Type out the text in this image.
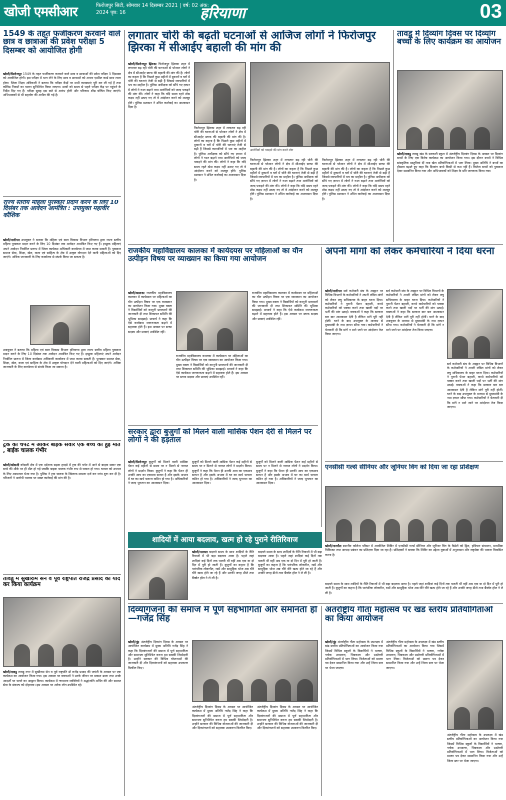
खोजी एमसीआर	फिरोजपुर सिटी, सोमवार 14 दिसम्बर 2021 | वर्ष: 02 अंक: 2024 पृष्ठ: 16	हरियाणा	03
1549 के तहत फर्जीकरण करवाने वाले छात्र व छात्राओं की प्रवेश परीक्षा 5 दिसम्बर को आयोजित होगी
खोजी/फिरोजपुर 1549 के तहत फर्जीकरण करवाने वाले छात्र व छात्राओं की प्रवेश परीक्षा 5 दिसम्बर को आयोजित होगी। इस परीक्षा में भाग लेने के लिए छात्र व छात्राओं को अपना एडमिट कार्ड साथ लाना होगा। जिला शिक्षा अधिकारी ने बताया कि परीक्षा केंद्रों पर सभी व्यवस्थाएं पूरी कर ली गई हैं तथा कोविड नियमों का पालन सुनिश्चित किया जाएगा। छात्रों को समय से पहले परीक्षा केंद्र पर पहुंचने के निर्देश दिए गए हैं। परीक्षा सुबह दस बजे से आरंभ होगी और परिणाम शीघ्र घोषित किए जाएंगे। अभिभावकों से भी सहयोग की अपील की गई है।
राज्य स्तरीय महिला पुरस्कार प्रदान करने के लिए 10 दिसंबर तक आवेदन आमंत्रित : उपायुक्त महावीर कौशिक
खोजी/पानीपत उपायुक्त ने बताया कि महिला एवं बाल विकास विभाग हरियाणा द्वारा राज्य स्तरीय महिला पुरस्कार प्रदान करने के लिए 10 दिसंबर तक आवेदन आमंत्रित किए गए हैं। इच्छुक महिलाएं अपने आवेदन निर्धारित प्रारूप में जिला कार्यक्रम अधिकारी कार्यालय में जमा करवा सकती हैं। पुरस्कार समाज सेवा, शिक्षा, खेल, कला एवं साहित्य के क्षेत्र में उत्कृष्ट योगदान देने वाली महिलाओं को दिए जाएंगे। अधिक जानकारी के लिए कार्यालय से संपर्क किया जा सकता है।
उपायुक्त ने बताया कि महिला एवं बाल विकास विभाग हरियाणा द्वारा राज्य स्तरीय महिला पुरस्कार प्रदान करने के लिए 10 दिसंबर तक आवेदन आमंत्रित किए गए हैं। इच्छुक महिलाएं अपने आवेदन निर्धारित प्रारूप में जिला कार्यक्रम अधिकारी कार्यालय में जमा करवा सकती हैं। पुरस्कार समाज सेवा, शिक्षा, खेल, कला एवं साहित्य के क्षेत्र में उत्कृष्ट योगदान देने वाली महिलाओं को दिए जाएंगे। अधिक जानकारी के लिए कार्यालय से संपर्क किया जा सकता है।
ट्रक की चपेट में आकर बाइक सवार एक बच्चे की हुई मौत , बाईक चालक गंभीर
खोजी/कोसली कोसली क्षेत्र में एक दर्दनाक सड़क हादसे में ट्रक की चपेट में आने से बाइक सवार एक बच्चे की मौके पर ही मौत हो गई जबकि बाइक चालक गंभीर रूप से घायल हो गया। घायल को उपचार के लिए अस्पताल भेजा गया है। पुलिस ने ट्रक चालक के खिलाफ मामला दर्ज कर जांच शुरू कर दी है। परिजनों ने आरोपी चालक पर सख्त कार्रवाई की मांग की है।
तावडू में सुखीराम सेन व पूर्व राष्ट्रपति राजेंद्र प्रसाद को याद कर किया कार्यक्रम
खोजी/तावडू तावडू नगर में सुखीराम सेन व पूर्व राष्ट्रपति डॉ राजेंद्र प्रसाद की जयंती के अवसर पर एक कार्यक्रम का आयोजन किया गया। इस अवसर पर वक्ताओं ने उनके जीवन पर प्रकाश डाला तथा उनके आदर्शों पर चलने का आह्वान किया। कार्यक्रम में गणमान्य व्यक्तियों ने श्रद्धांजलि अर्पित की और समाज सेवा के संकल्प को दोहराया। इस अवसर पर अनेक लोग उपस्थित रहे।
लगातार चोरी की बढ़ती घटनाओं से आजिज लोगों ने फिरोजपुर झिरका में सीआईए बहाली की मांग की
खोजी/फिरोजपुर झिरका फिरोजपुर झिरका शहर में लगातार बढ़ रही चोरी की घटनाओं से परेशान लोगों ने क्षेत्र में सीआईए स्टाफ की बहाली की मांग की है। लोगों का कहना है कि पिछले कुछ महीनों में दुकानों व घरों में चोरी की घटनाएं तेजी से बढ़ी हैं जिससे व्यापारियों में भय का माहौल है। पुलिस अधीक्षक को सौंपे गए ज्ञापन में लोगों ने गश्त बढ़ाने तथा आरोपियों को जल्द पकड़ने की मांग की। लोगों ने कहा कि यदि समय रहते ठोस कदम नहीं उठाए गए तो वे आंदोलन करने को मजबूर होंगे। पुलिस प्रशासन ने उचित कार्रवाई का आश्वासन दिया है।
फिरोजपुर झिरका शहर में लगातार बढ़ रही चोरी की घटनाओं से परेशान लोगों ने क्षेत्र में सीआईए स्टाफ की बहाली की मांग की है। लोगों का कहना है कि पिछले कुछ महीनों में दुकानों व घरों में चोरी की घटनाएं तेजी से बढ़ी हैं जिससे व्यापारियों में भय का माहौल है। पुलिस अधीक्षक को सौंपे गए ज्ञापन में लोगों ने गश्त बढ़ाने तथा आरोपियों को जल्द पकड़ने की मांग की। लोगों ने कहा कि यदि समय रहते ठोस कदम नहीं उठाए गए तो वे आंदोलन करने को मजबूर होंगे। पुलिस प्रशासन ने उचित कार्रवाई का आश्वासन दिया है।
आरोपियों को पकड़ने की मांग करते लोग
फिरोजपुर झिरका शहर में लगातार बढ़ रही चोरी की घटनाओं से परेशान लोगों ने क्षेत्र में सीआईए स्टाफ की बहाली की मांग की है। लोगों का कहना है कि पिछले कुछ महीनों में दुकानों व घरों में चोरी की घटनाएं तेजी से बढ़ी हैं जिससे व्यापारियों में भय का माहौल है। पुलिस अधीक्षक को सौंपे गए ज्ञापन में लोगों ने गश्त बढ़ाने तथा आरोपियों को जल्द पकड़ने की मांग की। लोगों ने कहा कि यदि समय रहते ठोस कदम नहीं उठाए गए तो वे आंदोलन करने को मजबूर होंगे। पुलिस प्रशासन ने उचित कार्रवाई का आश्वासन दिया है।
फिरोजपुर झिरका शहर में लगातार बढ़ रही चोरी की घटनाओं से परेशान लोगों ने क्षेत्र में सीआईए स्टाफ की बहाली की मांग की है। लोगों का कहना है कि पिछले कुछ महीनों में दुकानों व घरों में चोरी की घटनाएं तेजी से बढ़ी हैं जिससे व्यापारियों में भय का माहौल है। पुलिस अधीक्षक को सौंपे गए ज्ञापन में लोगों ने गश्त बढ़ाने तथा आरोपियों को जल्द पकड़ने की मांग की। लोगों ने कहा कि यदि समय रहते ठोस कदम नहीं उठाए गए तो वे आंदोलन करने को मजबूर होंगे। पुलिस प्रशासन ने उचित कार्रवाई का आश्वासन दिया है।
तावडू में दिव्यांग दिवस पर दिव्यांग बच्चों के लिए कार्यक्रम का आयोजन
खोजी/तावडू तावडू खंड के सरकारी स्कूल में अंतर्राष्ट्रीय दिव्यांग दिवस के अवसर पर दिव्यांग बच्चों के लिए एक विशेष कार्यक्रम का आयोजन किया गया। इस दौरान बच्चों ने विभिन्न सांस्कृतिक प्रस्तुतियां दीं तथा खेल प्रतियोगिताओं में भाग लिया। मुख्य अतिथि ने बच्चों का हौसला बढ़ाते हुए कहा कि दिव्यांग बच्चे किसी से कम नहीं हैं। विजेता बच्चों को पुरस्कार देकर सम्मानित किया गया और अभिभावकों को शिक्षा के प्रति जागरूक किया गया।
राजकीय महाविद्यालय कालका में कार्यदयस पर महिलाओं का यौन उत्पीड़न विषय पर व्याख्यान का किया गया आयोजन
खोजी/कालका राजकीय महाविद्यालय कालका में कार्यस्थल पर महिलाओं का यौन उत्पीड़न विषय पर एक व्याख्यान का आयोजन किया गया। मुख्य वक्ता ने विद्यार्थियों को कानूनी प्रावधानों की जानकारी दी तथा शिकायत समिति की भूमिका समझाई। प्राचार्य ने कहा कि ऐसे कार्यक्रम जागरूकता बढ़ाने में सहायक होते हैं। इस अवसर पर स्टाफ सदस्य और छात्राएं उपस्थित रहीं।
राजकीय महाविद्यालय कालका में कार्यस्थल पर महिलाओं का यौन उत्पीड़न विषय पर एक व्याख्यान का आयोजन किया गया। मुख्य वक्ता ने विद्यार्थियों को कानूनी प्रावधानों की जानकारी दी तथा शिकायत समिति की भूमिका समझाई। प्राचार्य ने कहा कि ऐसे कार्यक्रम जागरूकता बढ़ाने में सहायक होते हैं। इस अवसर पर स्टाफ सदस्य और छात्राएं उपस्थित रहीं।
राजकीय महाविद्यालय कालका में कार्यस्थल पर महिलाओं का यौन उत्पीड़न विषय पर एक व्याख्यान का आयोजन किया गया। मुख्य वक्ता ने विद्यार्थियों को कानूनी प्रावधानों की जानकारी दी तथा शिकायत समिति की भूमिका समझाई। प्राचार्य ने कहा कि ऐसे कार्यक्रम जागरूकता बढ़ाने में सहायक होते हैं। इस अवसर पर स्टाफ सदस्य और छात्राएं उपस्थित रहीं।
अपनी मांगों को लेकर कर्मचारियों ने दिया धरना
खोजी/पानीपत सर्व कर्मचारी संघ के आह्वान पर विभिन्न विभागों के कर्मचारियों ने अपनी लंबित मांगों को लेकर लघु सचिवालय के बाहर धरना दिया। कर्मचारियों ने पुरानी पेंशन बहाली, कच्चे कर्मचारियों को पक्का करने तथा खाली पदों पर भर्ती की मांग उठाई। वक्ताओं ने कहा कि सरकार बार बार आश्वासन देती है लेकिन मांगें पूरी नहीं होतीं। धरने के बाद उपायुक्त के माध्यम से मुख्यमंत्री के नाम ज्ञापन सौंपा गया। कर्मचारियों ने चेतावनी दी कि मांगें न माने जाने पर आंदोलन तेज किया जाएगा।
सर्व कर्मचारी संघ के आह्वान पर विभिन्न विभागों के कर्मचारियों ने अपनी लंबित मांगों को लेकर लघु सचिवालय के बाहर धरना दिया। कर्मचारियों ने पुरानी पेंशन बहाली, कच्चे कर्मचारियों को पक्का करने तथा खाली पदों पर भर्ती की मांग उठाई। वक्ताओं ने कहा कि सरकार बार बार आश्वासन देती है लेकिन मांगें पूरी नहीं होतीं। धरने के बाद उपायुक्त के माध्यम से मुख्यमंत्री के नाम ज्ञापन सौंपा गया। कर्मचारियों ने चेतावनी दी कि मांगें न माने जाने पर आंदोलन तेज किया जाएगा।
सर्व कर्मचारी संघ के आह्वान पर विभिन्न विभागों के कर्मचारियों ने अपनी लंबित मांगों को लेकर लघु सचिवालय के बाहर धरना दिया। कर्मचारियों ने पुरानी पेंशन बहाली, कच्चे कर्मचारियों को पक्का करने तथा खाली पदों पर भर्ती की मांग उठाई। वक्ताओं ने कहा कि सरकार बार बार आश्वासन देती है लेकिन मांगें पूरी नहीं होतीं। धरने के बाद उपायुक्त के माध्यम से मुख्यमंत्री के नाम ज्ञापन सौंपा गया। कर्मचारियों ने चेतावनी दी कि मांगें न माने जाने पर आंदोलन तेज किया जाएगा।
एनसीसी गर्ल्स सीनियर और जूनियर विंग को दिया जा रहा प्रशिक्षण
खोजी/नारनौल स्थानीय कॉलेज परिसर में आयोजित शिविर में एनसीसी गर्ल्स सीनियर और जूनियर विंग के कैडेटों को ड्रिल, हथियार संचालन, प्राथमिक चिकित्सा तथा आपदा प्रबंधन का प्रशिक्षण दिया जा रहा है। प्रशिक्षकों ने बताया कि शिविर का उद्देश्य युवाओं में अनुशासन और राष्ट्रसेवा की भावना विकसित करना है।
सरकार द्वारा बुजुर्गों को मिलने वाली मासिक पेंशन देरी से मिलने पर लोगों ने की हड़ताल
खोजी/फिरोजपुर बुजुर्गों को मिलने वाली मासिक पेंशन कई महीनों से समय पर न मिलने से नाराज लोगों ने प्रदर्शन किया। बुजुर्गों ने कहा कि पेंशन ही उनकी आय का एकमात्र साधन है और इसके अभाव में घर का खर्च चलाना कठिन हो गया है। अधिकारियों ने जल्द भुगतान का आश्वासन दिया।
बुजुर्गों को मिलने वाली मासिक पेंशन कई महीनों से समय पर न मिलने से नाराज लोगों ने प्रदर्शन किया। बुजुर्गों ने कहा कि पेंशन ही उनकी आय का एकमात्र साधन है और इसके अभाव में घर का खर्च चलाना कठिन हो गया है। अधिकारियों ने जल्द भुगतान का आश्वासन दिया।
बुजुर्गों को मिलने वाली मासिक पेंशन कई महीनों से समय पर न मिलने से नाराज लोगों ने प्रदर्शन किया। बुजुर्गों ने कहा कि पेंशन ही उनकी आय का एकमात्र साधन है और इसके अभाव में घर का खर्च चलाना कठिन हो गया है। अधिकारियों ने जल्द भुगतान का आश्वासन दिया।
शादियों में आया बदलाव, खत्म हो रहे पुराने रीतिरिवाज
खोजी/पलवल बदलते समय के साथ शादियों के रीति रिवाजों में भी बड़ा बदलाव आया है। पहले जहां शादियां कई दिनों तक चलती थीं वहीं अब एक या दो दिन में पूरी हो जाती हैं। बुजुर्गों का कहना है कि पारंपरिक लोकगीत, रस्में और सामूहिक भोज अब धीरे धीरे खत्म होते जा रहे हैं और उनकी जगह डीजे तथा बैंक्वेट हॉल ने ले ली है।
बदलते समय के साथ शादियों के रीति रिवाजों में भी बड़ा बदलाव आया है। पहले जहां शादियां कई दिनों तक चलती थीं वहीं अब एक या दो दिन में पूरी हो जाती हैं। बुजुर्गों का कहना है कि पारंपरिक लोकगीत, रस्में और सामूहिक भोज अब धीरे धीरे खत्म होते जा रहे हैं और उनकी जगह डीजे तथा बैंक्वेट हॉल ने ले ली है।
बदलते समय के साथ शादियों के रीति रिवाजों में भी बड़ा बदलाव आया है। पहले जहां शादियां कई दिनों तक चलती थीं वहीं अब एक या दो दिन में पूरी हो जाती हैं। बुजुर्गों का कहना है कि पारंपरिक लोकगीत, रस्में और सामूहिक भोज अब धीरे धीरे खत्म होते जा रहे हैं और उनकी जगह डीजे तथा बैंक्वेट हॉल ने ले ली है।
दिव्यांगजनों की समाज में पूर्ण सहभागिता और समानता हो—गजेंद्र सिंह
खोजी/नूंह अंतर्राष्ट्रीय दिव्यांग दिवस के अवसर पर आयोजित कार्यक्रम में मुख्य अतिथि गजेंद्र सिंह ने कहा कि दिव्यांगजनों की समाज में पूर्ण सहभागिता और समानता सुनिश्चित करना हम सबकी जिम्मेदारी है। उन्होंने सरकार की विभिन्न योजनाओं की जानकारी दी और दिव्यांगजनों को सहायक उपकरण वितरित किए।
अंतर्राष्ट्रीय दिव्यांग दिवस के अवसर पर आयोजित कार्यक्रम में मुख्य अतिथि गजेंद्र सिंह ने कहा कि दिव्यांगजनों की समाज में पूर्ण सहभागिता और समानता सुनिश्चित करना हम सबकी जिम्मेदारी है। उन्होंने सरकार की विभिन्न योजनाओं की जानकारी दी और दिव्यांगजनों को सहायक उपकरण वितरित किए।
अंतर्राष्ट्रीय दिव्यांग दिवस के अवसर पर आयोजित कार्यक्रम में मुख्य अतिथि गजेंद्र सिंह ने कहा कि दिव्यांगजनों की समाज में पूर्ण सहभागिता और समानता सुनिश्चित करना हम सबकी जिम्मेदारी है। उन्होंने सरकार की विभिन्न योजनाओं की जानकारी दी और दिव्यांगजनों को सहायक उपकरण वितरित किए।
अंतर्राष्ट्रीय गीता महोत्सव पर खंड स्तरीय प्रतियोगिताओं का किया आयोजन
खोजी/नूंह अंतर्राष्ट्रीय गीता महोत्सव के उपलक्ष्य में खंड स्तरीय प्रतियोगिताओं का आयोजन किया गया जिसमें विभिन्न स्कूलों के विद्यार्थियों ने भाषण, श्लोक उच्चारण, चित्रकला और प्रश्नोत्तरी प्रतियोगिताओं में भाग लिया। विजेताओं को प्रमाण पत्र देकर सम्मानित किया गया और उन्हें जिला स्तर पर भेजा जाएगा।
अंतर्राष्ट्रीय गीता महोत्सव के उपलक्ष्य में खंड स्तरीय प्रतियोगिताओं का आयोजन किया गया जिसमें विभिन्न स्कूलों के विद्यार्थियों ने भाषण, श्लोक उच्चारण, चित्रकला और प्रश्नोत्तरी प्रतियोगिताओं में भाग लिया। विजेताओं को प्रमाण पत्र देकर सम्मानित किया गया और उन्हें जिला स्तर पर भेजा जाएगा।
अंतर्राष्ट्रीय गीता महोत्सव के उपलक्ष्य में खंड स्तरीय प्रतियोगिताओं का आयोजन किया गया जिसमें विभिन्न स्कूलों के विद्यार्थियों ने भाषण, श्लोक उच्चारण, चित्रकला और प्रश्नोत्तरी प्रतियोगिताओं में भाग लिया। विजेताओं को प्रमाण पत्र देकर सम्मानित किया गया और उन्हें जिला स्तर पर भेजा जाएगा।
